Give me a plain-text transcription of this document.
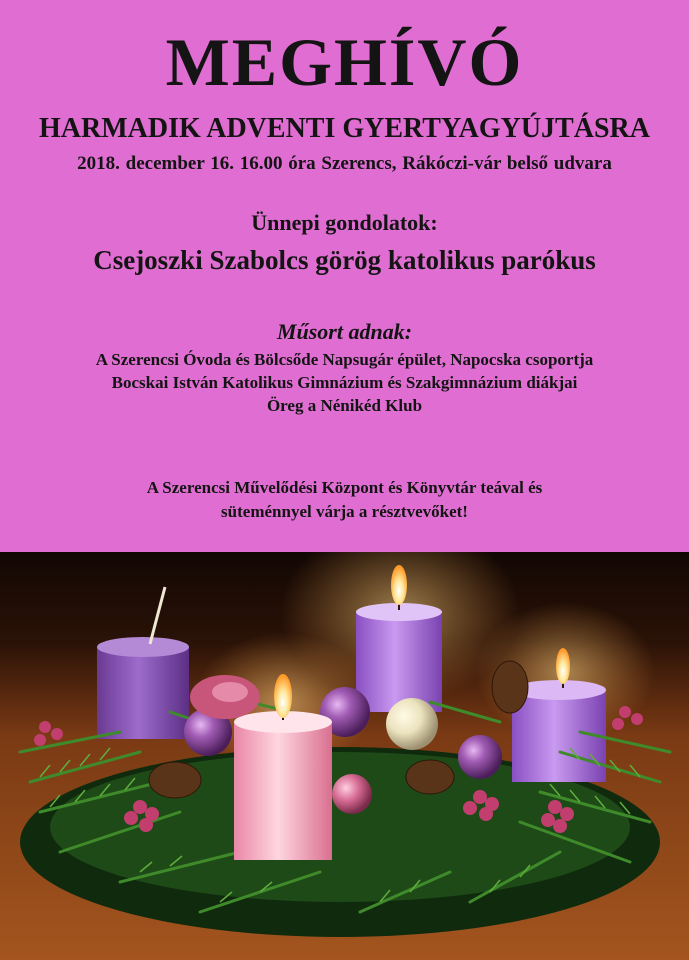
MEGHÍVÓ
HARMADIK ADVENTI GYERTYAGYÚJTÁSRA
2018. december 16. 16.00 óra Szerencs, Rákóczi-vár belső udvara
Ünnepi gondolatok:
Csejoszki Szabolcs görög katolikus parókus
Műsort adnak:
A Szerencsi Óvoda és Bölcsőde Napsugár épület, Napocska csoportja
Bocskai István Katolikus Gimnázium és Szakgimnázium diákjai
Öreg a Nénikéd Klub
A Szerencsi Művelődési Központ és Könyvtár teával és
süteménnyel várja a résztvevőket!
